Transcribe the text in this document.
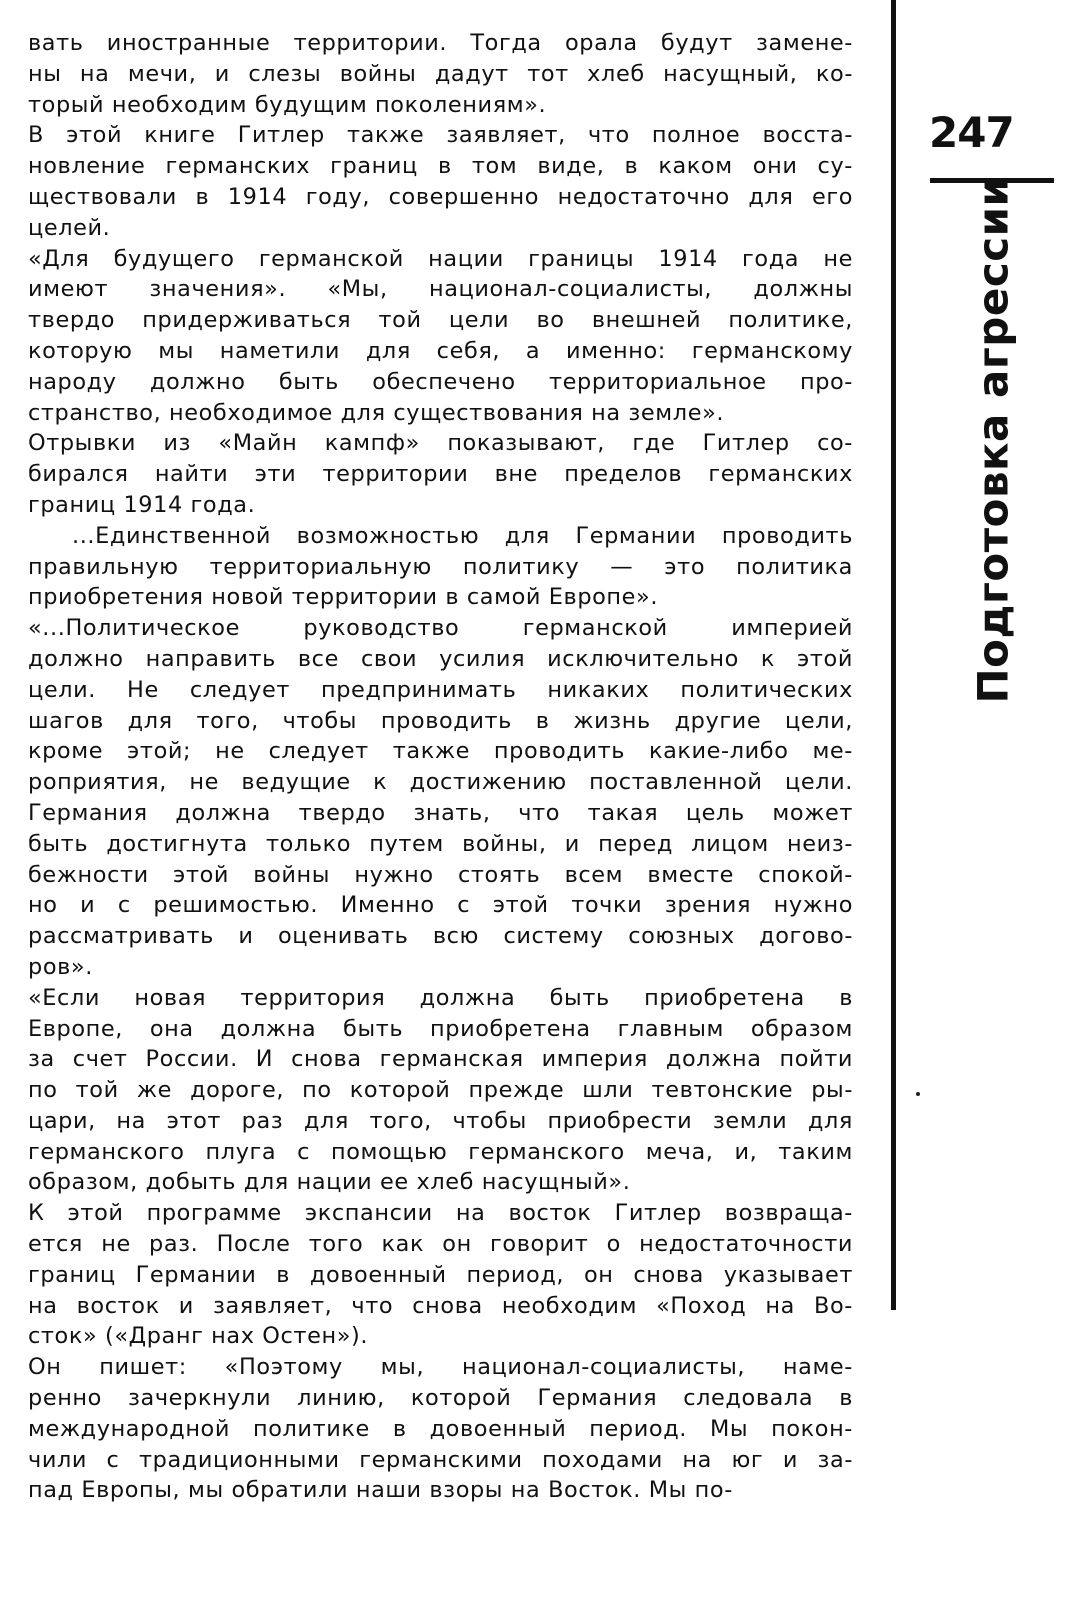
вать иностранные территории. Тогда орала будут замене-
ны на мечи, и слезы войны дадут тот хлеб насущный, ко-
торый необходим будущим поколениям».
В этой книге Гитлер также заявляет, что полное восста-
новление германских границ в том виде, в каком они су-
ществовали в 1914 году, совершенно недостаточно для его
целей.
«Для будущего германской нации границы 1914 года не
имеют значения». «Мы, национал-социалисты, должны
твердо придерживаться той цели во внешней политике,
которую мы наметили для себя, а именно: германскому
народу должно быть обеспечено территориальное про-
странство, необходимое для существования на земле».
Отрывки из «Майн кампф» показывают, где Гитлер со-
бирался найти эти территории вне пределов германских
границ 1914 года.
...Единственной возможностью для Германии проводить
правильную территориальную политику — это политика
приобретения новой территории в самой Европе».
«...Политическое руководство германской империей
должно направить все свои усилия исключительно к этой
цели. Не следует предпринимать никаких политических
шагов для того, чтобы проводить в жизнь другие цели,
кроме этой; не следует также проводить какие-либо ме-
роприятия, не ведущие к достижению поставленной цели.
Германия должна твердо знать, что такая цель может
быть достигнута только путем войны, и перед лицом неиз-
бежности этой войны нужно стоять всем вместе спокой-
но и с решимостью. Именно с этой точки зрения нужно
рассматривать и оценивать всю систему союзных догово-
ров».
«Если новая территория должна быть приобретена в
Европе, она должна быть приобретена главным образом
за счет России. И снова германская империя должна пойти
по той же дороге, по которой прежде шли тевтонские ры-
цари, на этот раз для того, чтобы приобрести земли для
германского плуга с помощью германского меча, и, таким
образом, добыть для нации ее хлеб насущный».
К этой программе экспансии на восток Гитлер возвраща-
ется не раз. После того как он говорит о недостаточности
границ Германии в довоенный период, он снова указывает
на восток и заявляет, что снова необходим «Поход на Во-
сток» («Дранг нах Остен»).
Он пишет: «Поэтому мы, национал-социалисты, наме-
ренно зачеркнули линию, которой Германия следовала в
международной политике в довоенный период. Мы покон-
чили с традиционными германскими походами на юг и за-
пад Европы, мы обратили наши взоры на Восток. Мы по-
247
Подготовка агрессии
